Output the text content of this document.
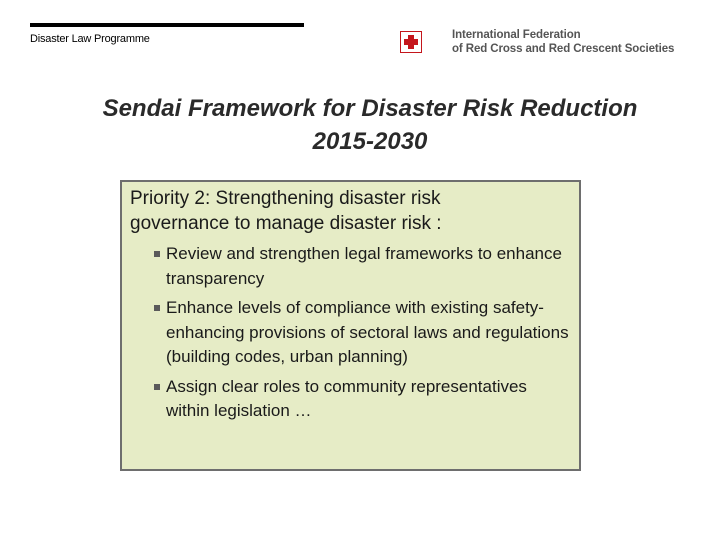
Disaster Law Programme	International Federation
of Red Cross and Red Crescent Societies
Sendai Framework for Disaster Risk Reduction
2015-2030

Priority 2: Strengthening disaster risk
governance to manage disaster risk :

Review and strengthen legal frameworks to enhance transparency
Enhance levels of compliance with existing safety-enhancing provisions of sectoral laws and regulations (building codes, urban planning)
Assign clear roles to community representatives within legislation …
